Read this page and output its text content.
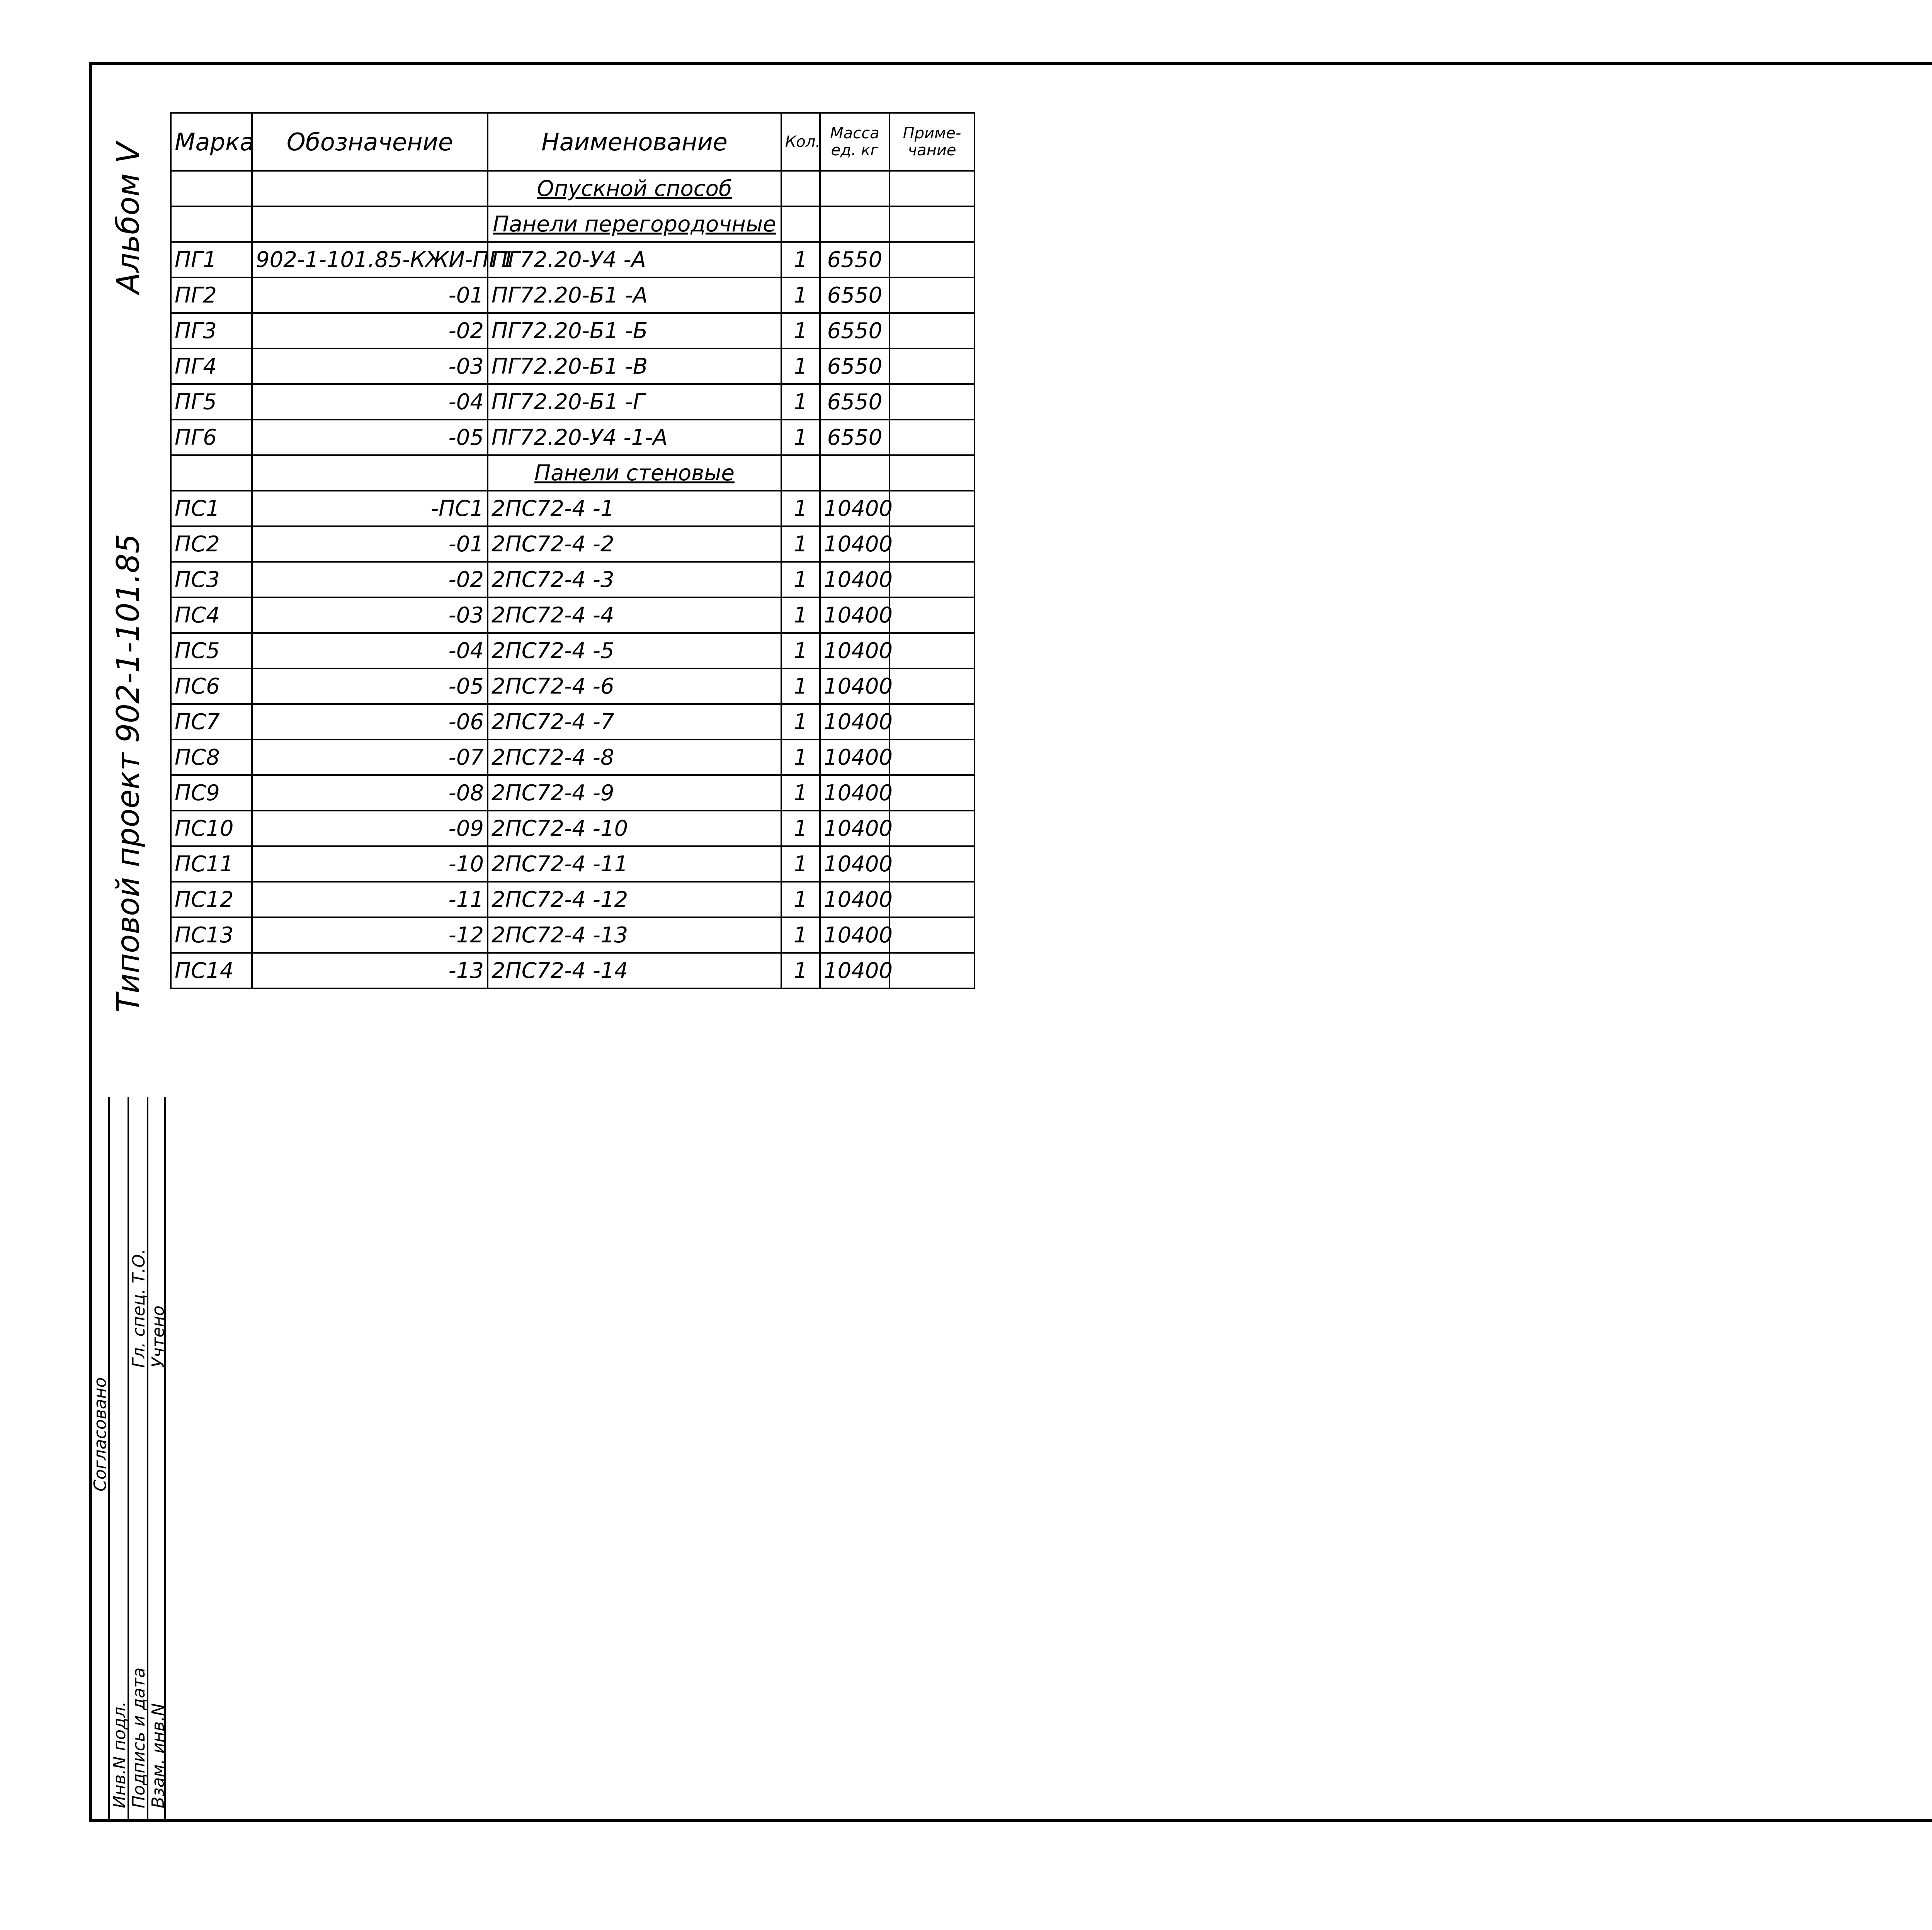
Альбом V
Типовой проект 902-1-101.85
Согласовано
Инв.N подл. Подпись и дата Взам. инв.N
Гл. спец. Т.О. Учтено
Марка	Обозначение	Наименование	Кол.	Масса ед. кг	Приме-чание
		Опускной способ			
		Панели перегородочные			
ПГ1	902-1-101.85-КЖИ-ПГ1	ПГ72.20-У4 -А	1	6550	
ПГ2	-01	ПГ72.20-Б1 -А	1	6550	
ПГ3	-02	ПГ72.20-Б1 -Б	1	6550	
ПГ4	-03	ПГ72.20-Б1 -В	1	6550	
ПГ5	-04	ПГ72.20-Б1 -Г	1	6550	
ПГ6	-05	ПГ72.20-У4 -1-А	1	6550	
		Панели стеновые			
ПС1	-ПС1	2ПС72-4 -1	1	10400	
ПС2	-01	2ПС72-4 -2	1	10400	
ПС3	-02	2ПС72-4 -3	1	10400	
ПС4	-03	2ПС72-4 -4	1	10400	
ПС5	-04	2ПС72-4 -5	1	10400	
ПС6	-05	2ПС72-4 -6	1	10400	
ПС7	-06	2ПС72-4 -7	1	10400	
ПС8	-07	2ПС72-4 -8	1	10400	
ПС9	-08	2ПС72-4 -9	1	10400	
ПС10	-09	2ПС72-4 -10	1	10400	
ПС11	-10	2ПС72-4 -11	1	10400	
ПС12	-11	2ПС72-4 -12	1	10400	
ПС13	-12	2ПС72-4 -13	1	10400	
ПС14	-13	2ПС72-4 -14	1	10400	
